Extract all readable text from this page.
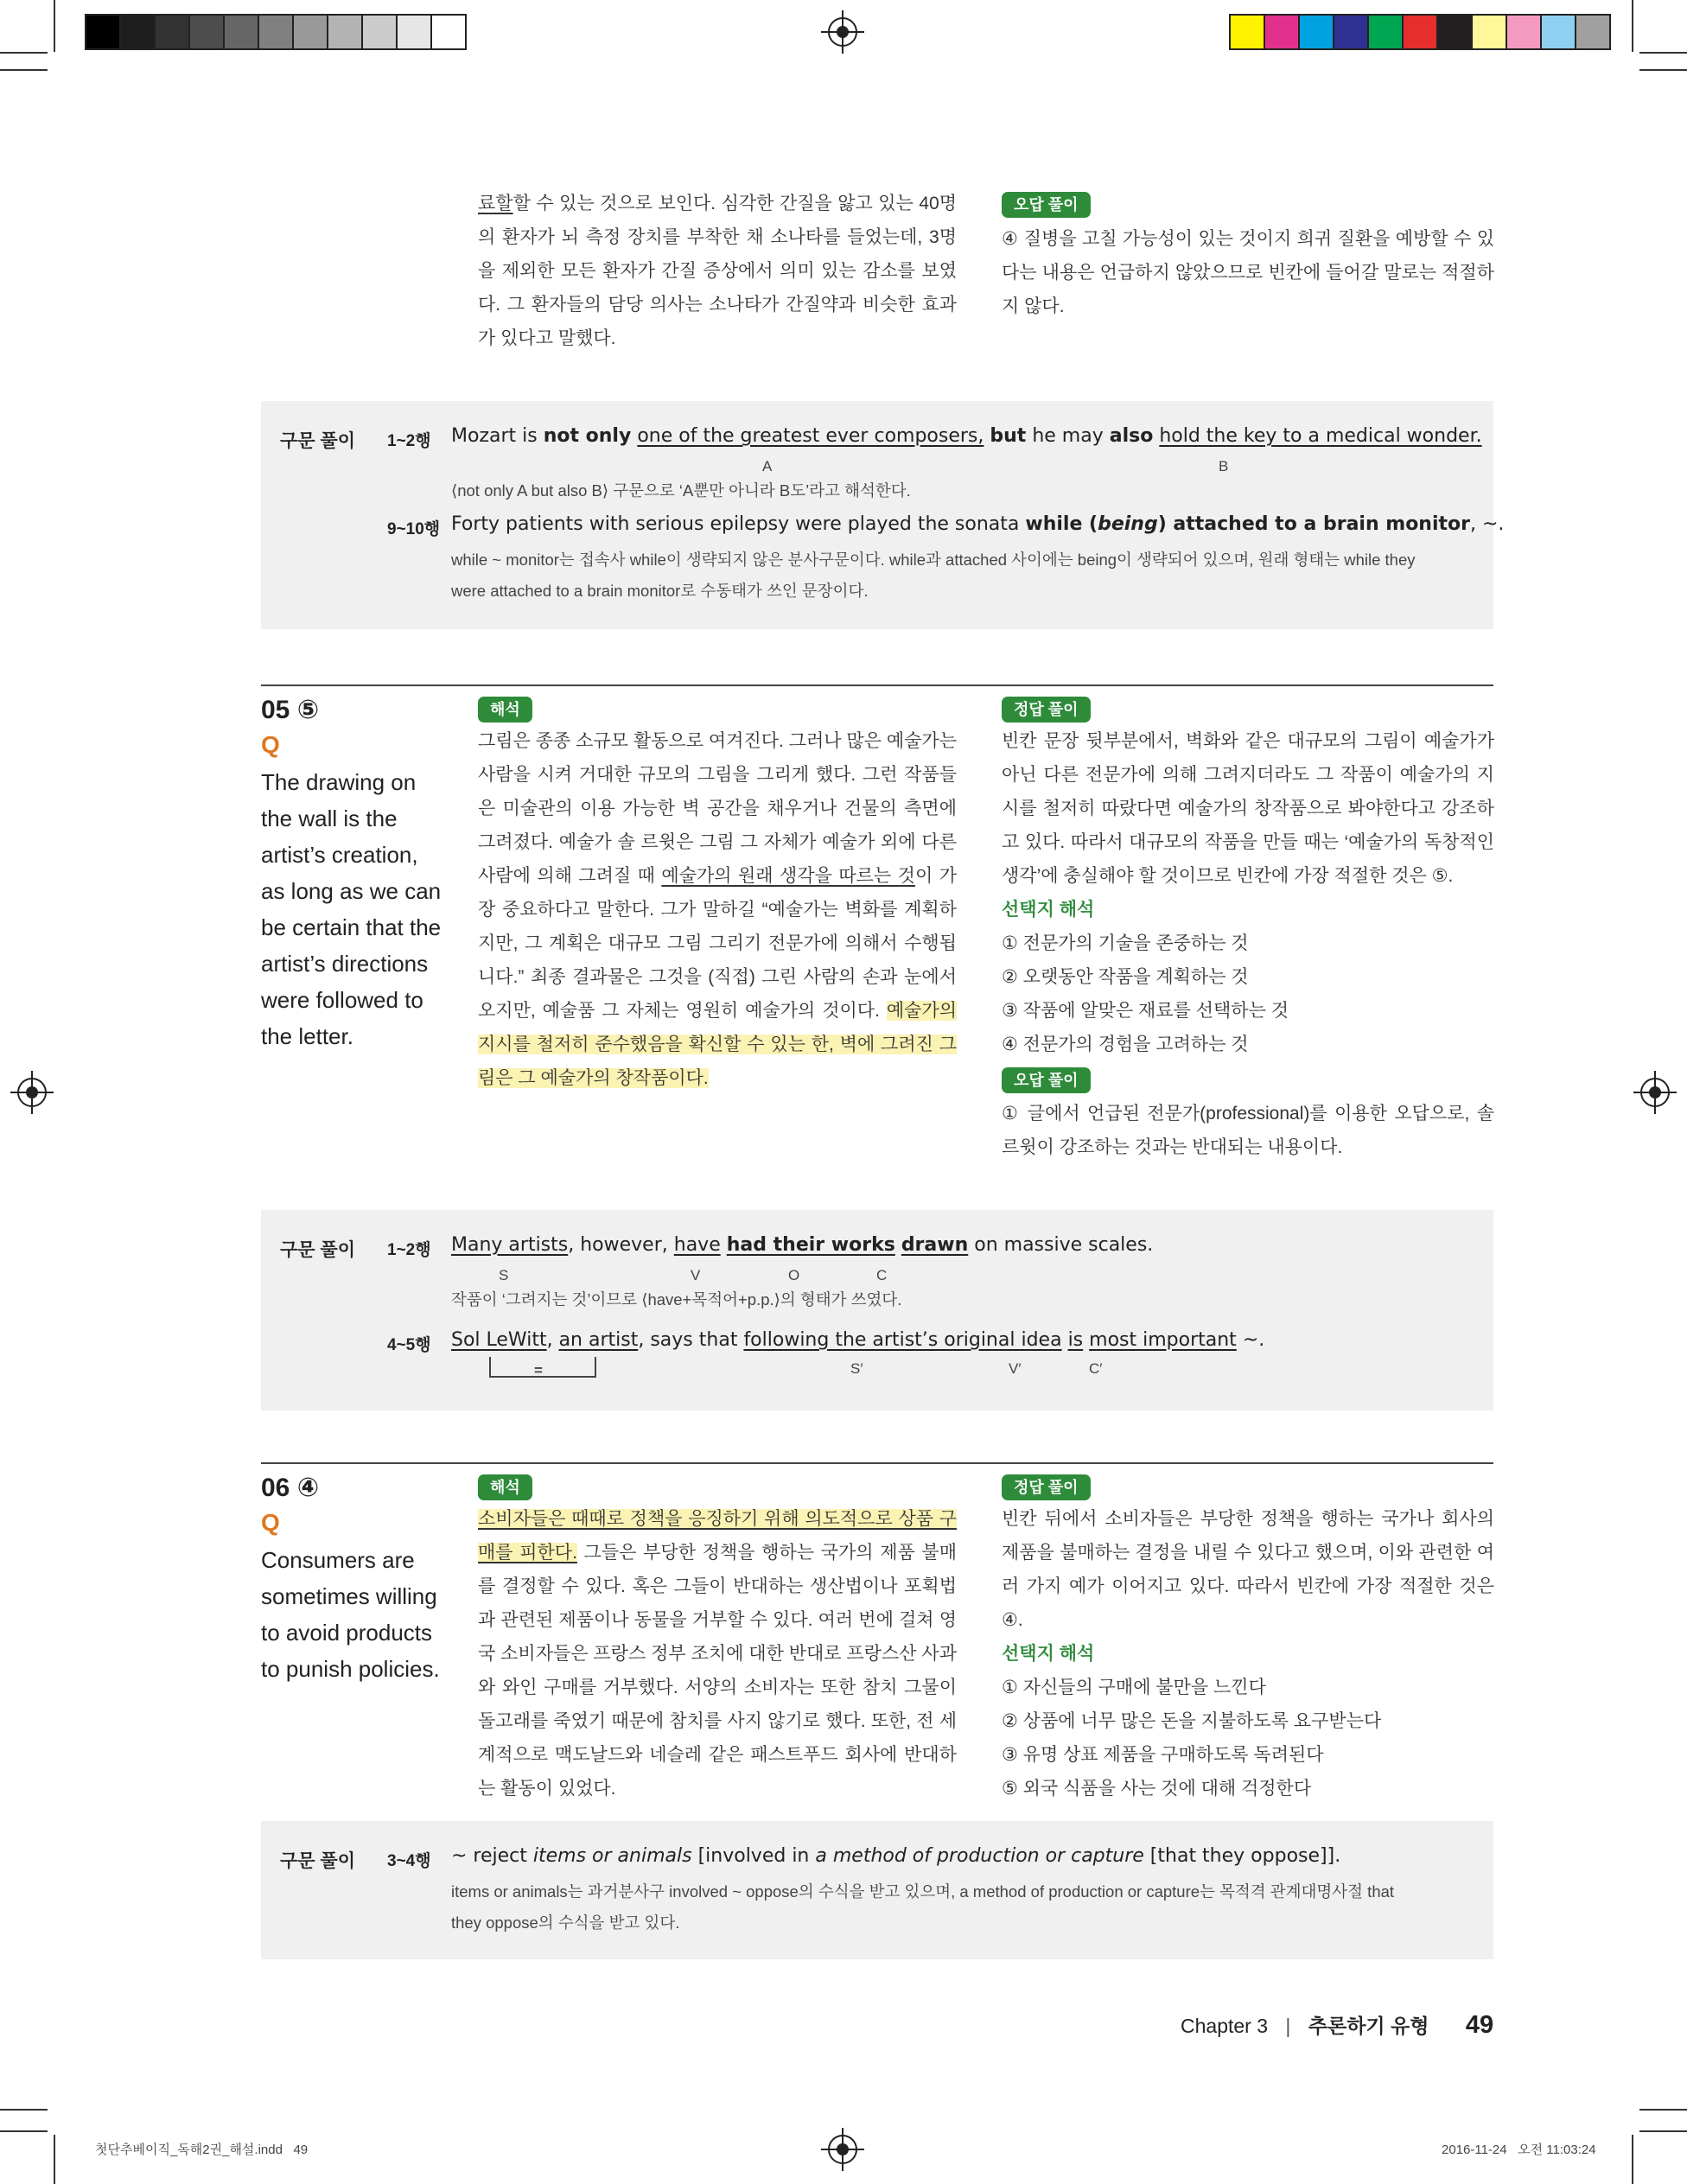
료할할 수 있는 것으로 보인다. 심각한 간질을 앓고 있는 40명의 환자가 뇌 측정 장치를 부착한 채 소나타를 들었는데, 3명을 제외한 모든 환자가 간질 증상에서 의미 있는 감소를 보였다. 그 환자들의 담당 의사는 소나타가 간질약과 비슷한 효과가 있다고 말했다.

오답 풀이

④ 질병을 고칠 가능성이 있는 것이지 희귀 질환을 예방할 수 있다는 내용은 언급하지 않았으므로 빈칸에 들어갈 말로는 적절하지 않다.

구문 풀이 1~2행 Mozart is not only one of the greatest ever composers, but he may also hold the key to a medical wonder.
A	B
⟨not only A but also B⟩ 구문으로 ‘A뿐만 아니라 B도’라고 해석한다.
9~10행 Forty patients with serious epilepsy were played the sonata while (being) attached to a brain monitor, ~.
while ~ monitor는 접속사 while이 생략되지 않은 분사구문이다. while과 attached 사이에는 being이 생략되어 있으며, 원래 형태는 while they
were attached to a brain monitor로 수동태가 쓰인 문장이다.
05 ⑤
Q
The drawing on the wall is the artist’s creation, as long as we can be certain that the artist’s directions were followed to the letter.
해석

그림은 종종 소규모 활동으로 여겨진다. 그러나 많은 예술가는 사람을 시켜 거대한 규모의 그림을 그리게 했다. 그런 작품들은 미술관의 이용 가능한 벽 공간을 채우거나 건물의 측면에 그려졌다. 예술가 솔 르윗은 그림 그 자체가 예술가 외에 다른 사람에 의해 그려질 때 예술가의 원래 생각을 따르는 것이 가장 중요하다고 말한다. 그가 말하길 “예술가는 벽화를 계획하지만, 그 계획은 대규모 그림 그리기 전문가에 의해서 수행됩니다.” 최종 결과물은 그것을 (직접) 그린 사람의 손과 눈에서 오지만, 예술품 그 자체는 영원히 예술가의 것이다. 예술가의 지시를 철저히 준수했음을 확신할 수 있는 한, 벽에 그려진 그림은 그 예술가의 창작품이다.

정답 풀이

빈칸 문장 뒷부분에서, 벽화와 같은 대규모의 그림이 예술가가 아닌 다른 전문가에 의해 그려지더라도 그 작품이 예술가의 지시를 철저히 따랐다면 예술가의 창작품으로 봐야한다고 강조하고 있다. 따라서 대규모의 작품을 만들 때는 ‘예술가의 독창적인 생각’에 충실해야 할 것이므로 빈칸에 가장 적절한 것은 ⑤.

선택지 해석
① 전문가의 기술을 존중하는 것
② 오랫동안 작품을 계획하는 것
③ 작품에 알맞은 재료를 선택하는 것
④ 전문가의 경험을 고려하는 것
오답 풀이

① 글에서 언급된 전문가(professional)를 이용한 오답으로, 솔 르윗이 강조하는 것과는 반대되는 내용이다.

구문 풀이 1~2행 Many artists, however, have had their works drawn on massive scales.
S	V	O	C
작품이 ‘그려지는 것’이므로 ⟨have+목적어+p.p.⟩의 형태가 쓰였다.
4~5행 Sol LeWitt, an artist, says that following the artist’s original idea is most important ~.
=	S′	V′	C′
06 ④
Q
Consumers are sometimes willing to avoid products to punish policies.
해석

소비자들은 때때로 정책을 응징하기 위해 의도적으로 상품 구매를 피한다. 그들은 부당한 정책을 행하는 국가의 제품 불매를 결정할 수 있다. 혹은 그들이 반대하는 생산법이나 포획법과 관련된 제품이나 동물을 거부할 수 있다. 여러 번에 걸쳐 영국 소비자들은 프랑스 정부 조치에 대한 반대로 프랑스산 사과와 와인 구매를 거부했다. 서양의 소비자는 또한 참치 그물이 돌고래를 죽였기 때문에 참치를 사지 않기로 했다. 또한, 전 세계적으로 맥도날드와 네슬레 같은 패스트푸드 회사에 반대하는 활동이 있었다.

정답 풀이

빈칸 뒤에서 소비자들은 부당한 정책을 행하는 국가나 회사의 제품을 불매하는 결정을 내릴 수 있다고 했으며, 이와 관련한 여러 가지 예가 이어지고 있다. 따라서 빈칸에 가장 적절한 것은 ④.

선택지 해석
① 자신들의 구매에 불만을 느낀다
② 상품에 너무 많은 돈을 지불하도록 요구받는다
③ 유명 상표 제품을 구매하도록 독려된다
⑤ 외국 식품을 사는 것에 대해 걱정한다
구문 풀이 3~4행 ~ reject items or animals [involved in a method of production or capture [that they oppose]].
items or animals는 과거분사구 involved ~ oppose의 수식을 받고 있으며, a method of production or capture는 목적격 관계대명사절 that
they oppose의 수식을 받고 있다.
Chapter 3 | 추론하기 유형 49
첫단추베이직_독해2권_해설.indd   49	2016-11-24   오전 11:03:24
